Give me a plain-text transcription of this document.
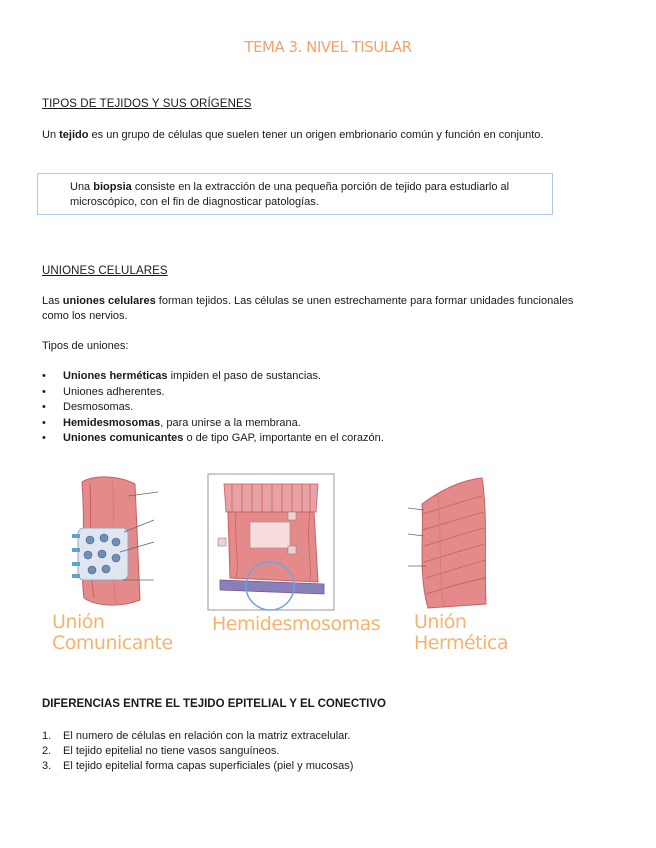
TEMA 3. NIVEL TISULAR
TIPOS DE TEJIDOS Y SUS ORÍGENES
Un tejido es un grupo de células que suelen tener un origen embrionario común y función en conjunto.
Una biopsia consiste en la extracción de una pequeña porción de tejido para estudiarlo al microscópico, con el fin de diagnosticar patologías.
UNIONES CELULARES
Las uniones celulares forman tejidos. Las células se unen estrechamente para formar unidades funcionales como los nervios.
Tipos de uniones:
• Uniones herméticas impiden el paso de sustancias.
• Uniones adherentes.
• Desmosomas.
• Hemidesmosomas, para unirse a la membrana.
• Uniones comunicantes o de tipo GAP, importante en el corazón.
Unión
Comunicante
Hemidesmosomas Unión
Hermética
DIFERENCIAS ENTRE EL TEJIDO EPITELIAL Y EL CONECTIVO
1. El numero de células en relación con la matriz extracelular.
2. El tejido epitelial no tiene vasos sanguíneos.
3. El tejido epitelial forma capas superficiales (piel y mucosas)
